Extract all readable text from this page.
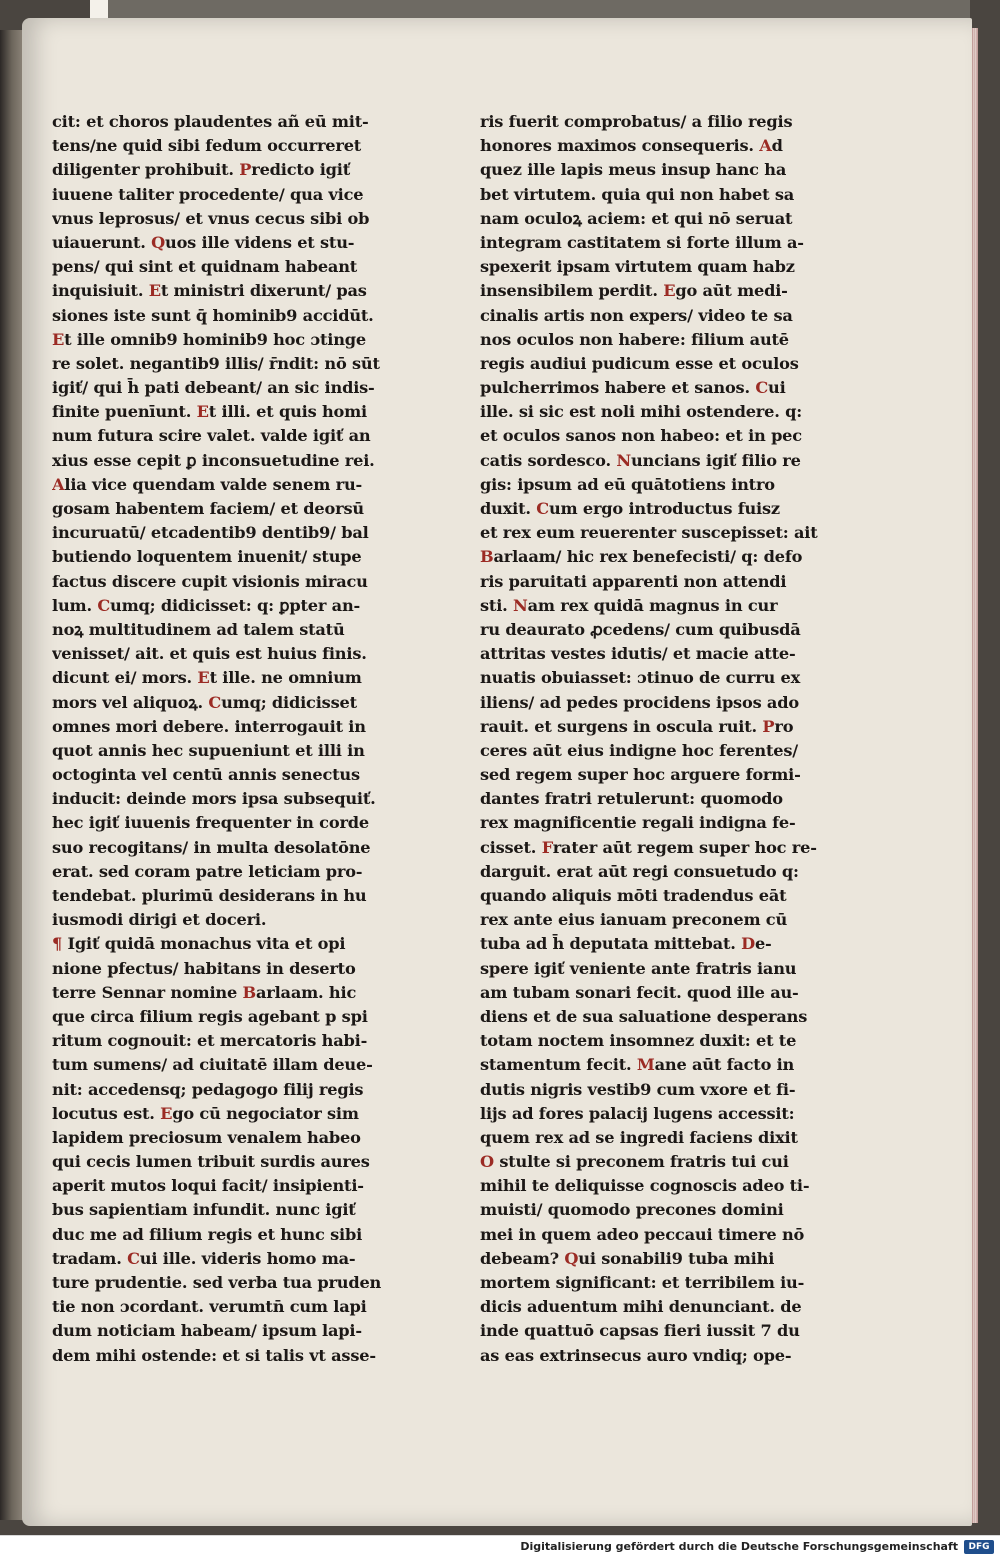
cit: et choros plaudentes añ eū mit-
tens/ne quid sibi fedum occurreret
diligenter prohibuit. Predicto igiť
iuuene taliter procedente/ qua vice
vnus leprosus/ et vnus cecus sibi ob
uiauerunt. Quos ille videns et stu-
pens/ qui sint et quidnam habeant
inquisiuit. Et ministri dixerunt/ pas
siones iste sunt q̄ hominib9 accidūt.
Et ille omnib9 hominib9 hoc ɔtinge
re solet. negantib9 illis/ r̄ndit: nō sūt
igiť/ qui h̄ pati debeant/ an sic indis-
finite puenīunt. Et illi. et quis homi
num futura scire valet. valde igiť an
xius esse cepit ꝑ inconsuetudine rei.
Alia vice quendam valde senem ru-
gosam habentem faciem/ et deorsū
incuruatū/ etcadentib9 dentib9/ bal
butiendo loquentem inuenit/ stupe
factus discere cupit visionis miracu
lum. Cumq; didicisset: q: ꝑpter an-
noꝝ multitudinem ad talem statū
venisset/ ait. et quis est huius finis.
dicunt ei/ mors. Et ille. ne omnium
mors vel aliquoꝝ. Cumq; didicisset
omnes mori debere. interrogauit in
quot annis hec supueniunt et illi in
octoginta vel centū annis senectus
inducit: deinde mors ipsa subsequiť.
hec igiť iuuenis frequenter in corde
suo recogitans/ in multa desolatōne
erat. sed coram patre leticiam pro-
tendebat. plurimū desiderans in hu
iusmodi dirigi et doceri.
¶ Igiť quidā monachus vita et opi
nione pfectus/ habitans in deserto
terre Sennar nomine Barlaam. hic
que circa filium regis agebant p spi
ritum cognouit: et mercatoris habi-
tum sumens/ ad ciuitatē illam deue-
nit: accedensq; pedagogo filij regis
locutus est. Ego cū negociator sim
lapidem preciosum venalem habeo
qui cecis lumen tribuit surdis aures
aperit mutos loqui facit/ insipienti-
bus sapientiam infundit. nunc igiť
duc me ad filium regis et hunc sibi
tradam. Cui ille. videris homo ma-
ture prudentie. sed verba tua pruden
tie non ɔcordant. verumtn̄ cum lapi
dum noticiam habeam/ ipsum lapi-
dem mihi ostende: et si talis vt asse-
ris fuerit comprobatus/ a filio regis
honores maximos consequeris. Ad
quez ille lapis meus insup hanc ha
bet virtutem. quia qui non habet sa
nam oculoꝝ aciem: et qui nō seruat
integram castitatem si forte illum a-
spexerit ipsam virtutem quam habz
insensibilem perdit. Ego aūt medi-
cinalis artis non expers/ video te sa
nos oculos non habere: filium autē
regis audiui pudicum esse et oculos
pulcherrimos habere et sanos. Cui
ille. si sic est noli mihi ostendere. q:
et oculos sanos non habeo: et in pec
catis sordesco. Nuncians igiť filio re
gis: ipsum ad eū quātotiens intro
duxit. Cum ergo introductus fuisz
et rex eum reuerenter suscepisset: ait
Barlaam/ hic rex benefecisti/ q: defo
ris paruitati apparenti non attendi
sti. Nam rex quidā magnus in cur
ru deaurato ꝓcedens/ cum quibusdā
attritas vestes idutis/ et macie atte-
nuatis obuiasset: ɔtinuo de curru ex
iliens/ ad pedes procidens ipsos ado
rauit. et surgens in oscula ruit. Pro
ceres aūt eius indigne hoc ferentes/
sed regem super hoc arguere formi-
dantes fratri retulerunt: quomodo
rex magnificentie regali indigna fe-
cisset. Frater aūt regem super hoc re-
darguit. erat aūt regi consuetudo q:
quando aliquis mōti tradendus eāt
rex ante eius ianuam preconem cū
tuba ad h̄ deputata mittebat. De-
spere igiť veniente ante fratris ianu
am tubam sonari fecit. quod ille au-
diens et de sua saluatione desperans
totam noctem insomnez duxit: et te
stamentum fecit. Mane aūt facto in
dutis nigris vestib9 cum vxore et fi-
lijs ad fores palacij lugens accessit:
quem rex ad se ingredi faciens dixit
O stulte si preconem fratris tui cui
mihil te deliquisse cognoscis adeo ti-
muisti/ quomodo precones domini
mei in quem adeo peccaui timere nō
debeam? Qui sonabili9 tuba mihi
mortem significant: et terribilem iu-
dicis aduentum mihi denunciant. de
inde quattuō capsas fieri iussit 7 du
as eas extrinsecus auro vndiq; ope-
Digitalisierung gefördert durch die Deutsche Forschungsgemeinschaft	DFG
